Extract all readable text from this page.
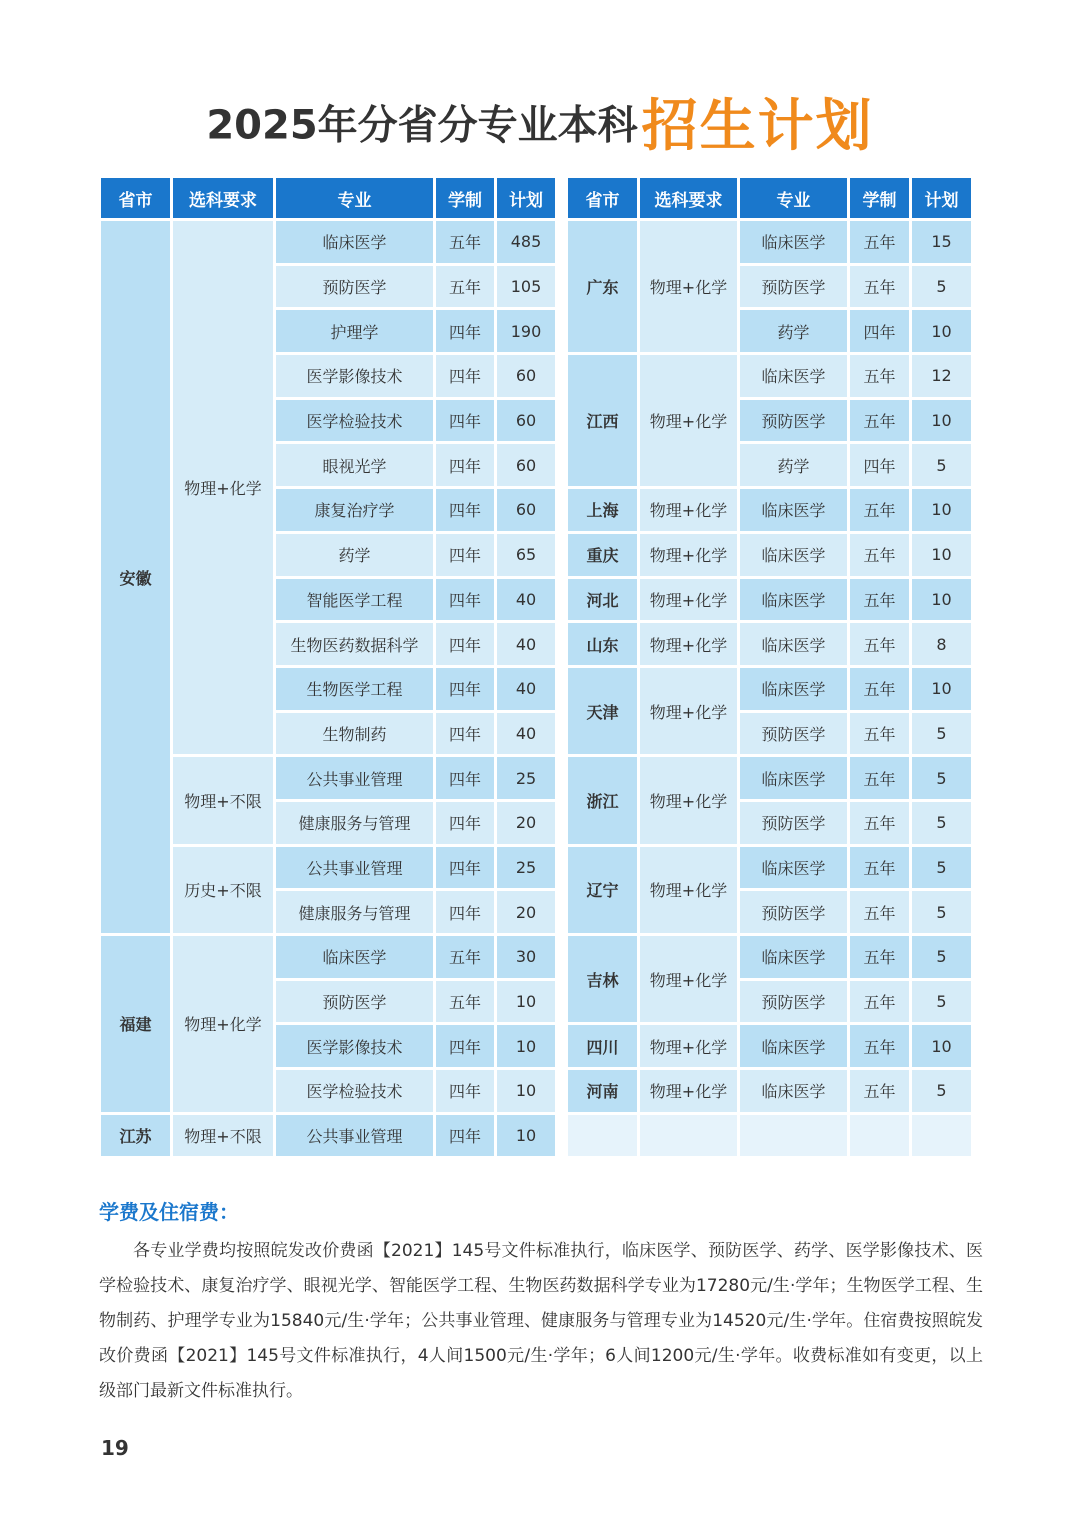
2025年分省分专业本科招生计划
省市	选科要求	专业	学制	计划
安徽	物理+化学	临床医学	五年	485
		预防医学	五年	105
		护理学	四年	190
		医学影像技术	四年	60
		医学检验技术	四年	60
		眼视光学	四年	60
		康复治疗学	四年	60
		药学	四年	65
		智能医学工程	四年	40
		生物医药数据科学	四年	40
		生物医学工程	四年	40
		生物制药	四年	40
	物理+不限	公共事业管理	四年	25
		健康服务与管理	四年	20
	历史+不限	公共事业管理	四年	25
		健康服务与管理	四年	20
福建	物理+化学	临床医学	五年	30
		预防医学	五年	10
		医学影像技术	四年	10
		医学检验技术	四年	10
江苏	物理+不限	公共事业管理	四年	10
省市	选科要求	专业	学制	计划
广东	物理+化学	临床医学	五年	15
		预防医学	五年	5
		药学	四年	10
江西	物理+化学	临床医学	五年	12
		预防医学	五年	10
		药学	四年	5
上海	物理+化学	临床医学	五年	10
重庆	物理+化学	临床医学	五年	10
河北	物理+化学	临床医学	五年	10
山东	物理+化学	临床医学	五年	8
天津	物理+化学	临床医学	五年	10
		预防医学	五年	5
浙江	物理+化学	临床医学	五年	5
		预防医学	五年	5
辽宁	物理+化学	临床医学	五年	5
		预防医学	五年	5
吉林	物理+化学	临床医学	五年	5
		预防医学	五年	5
四川	物理+化学	临床医学	五年	10
河南	物理+化学	临床医学	五年	5

学费及住宿费：
各专业学费均按照皖发改价费函【2021】145号文件标准执行，临床医学、预防医学、药学、医学影像技术、医学检验技术、康复治疗学、眼视光学、智能医学工程、生物医药数据科学专业为17280元/生·学年；生物医学工程、生物制药、护理学专业为15840元/生·学年；公共事业管理、健康服务与管理专业为14520元/生·学年。住宿费按照皖发改价费函【2021】145号文件标准执行，4人间1500元/生·学年；6人间1200元/生·学年。收费标准如有变更，以上级部门最新文件标准执行。
19
